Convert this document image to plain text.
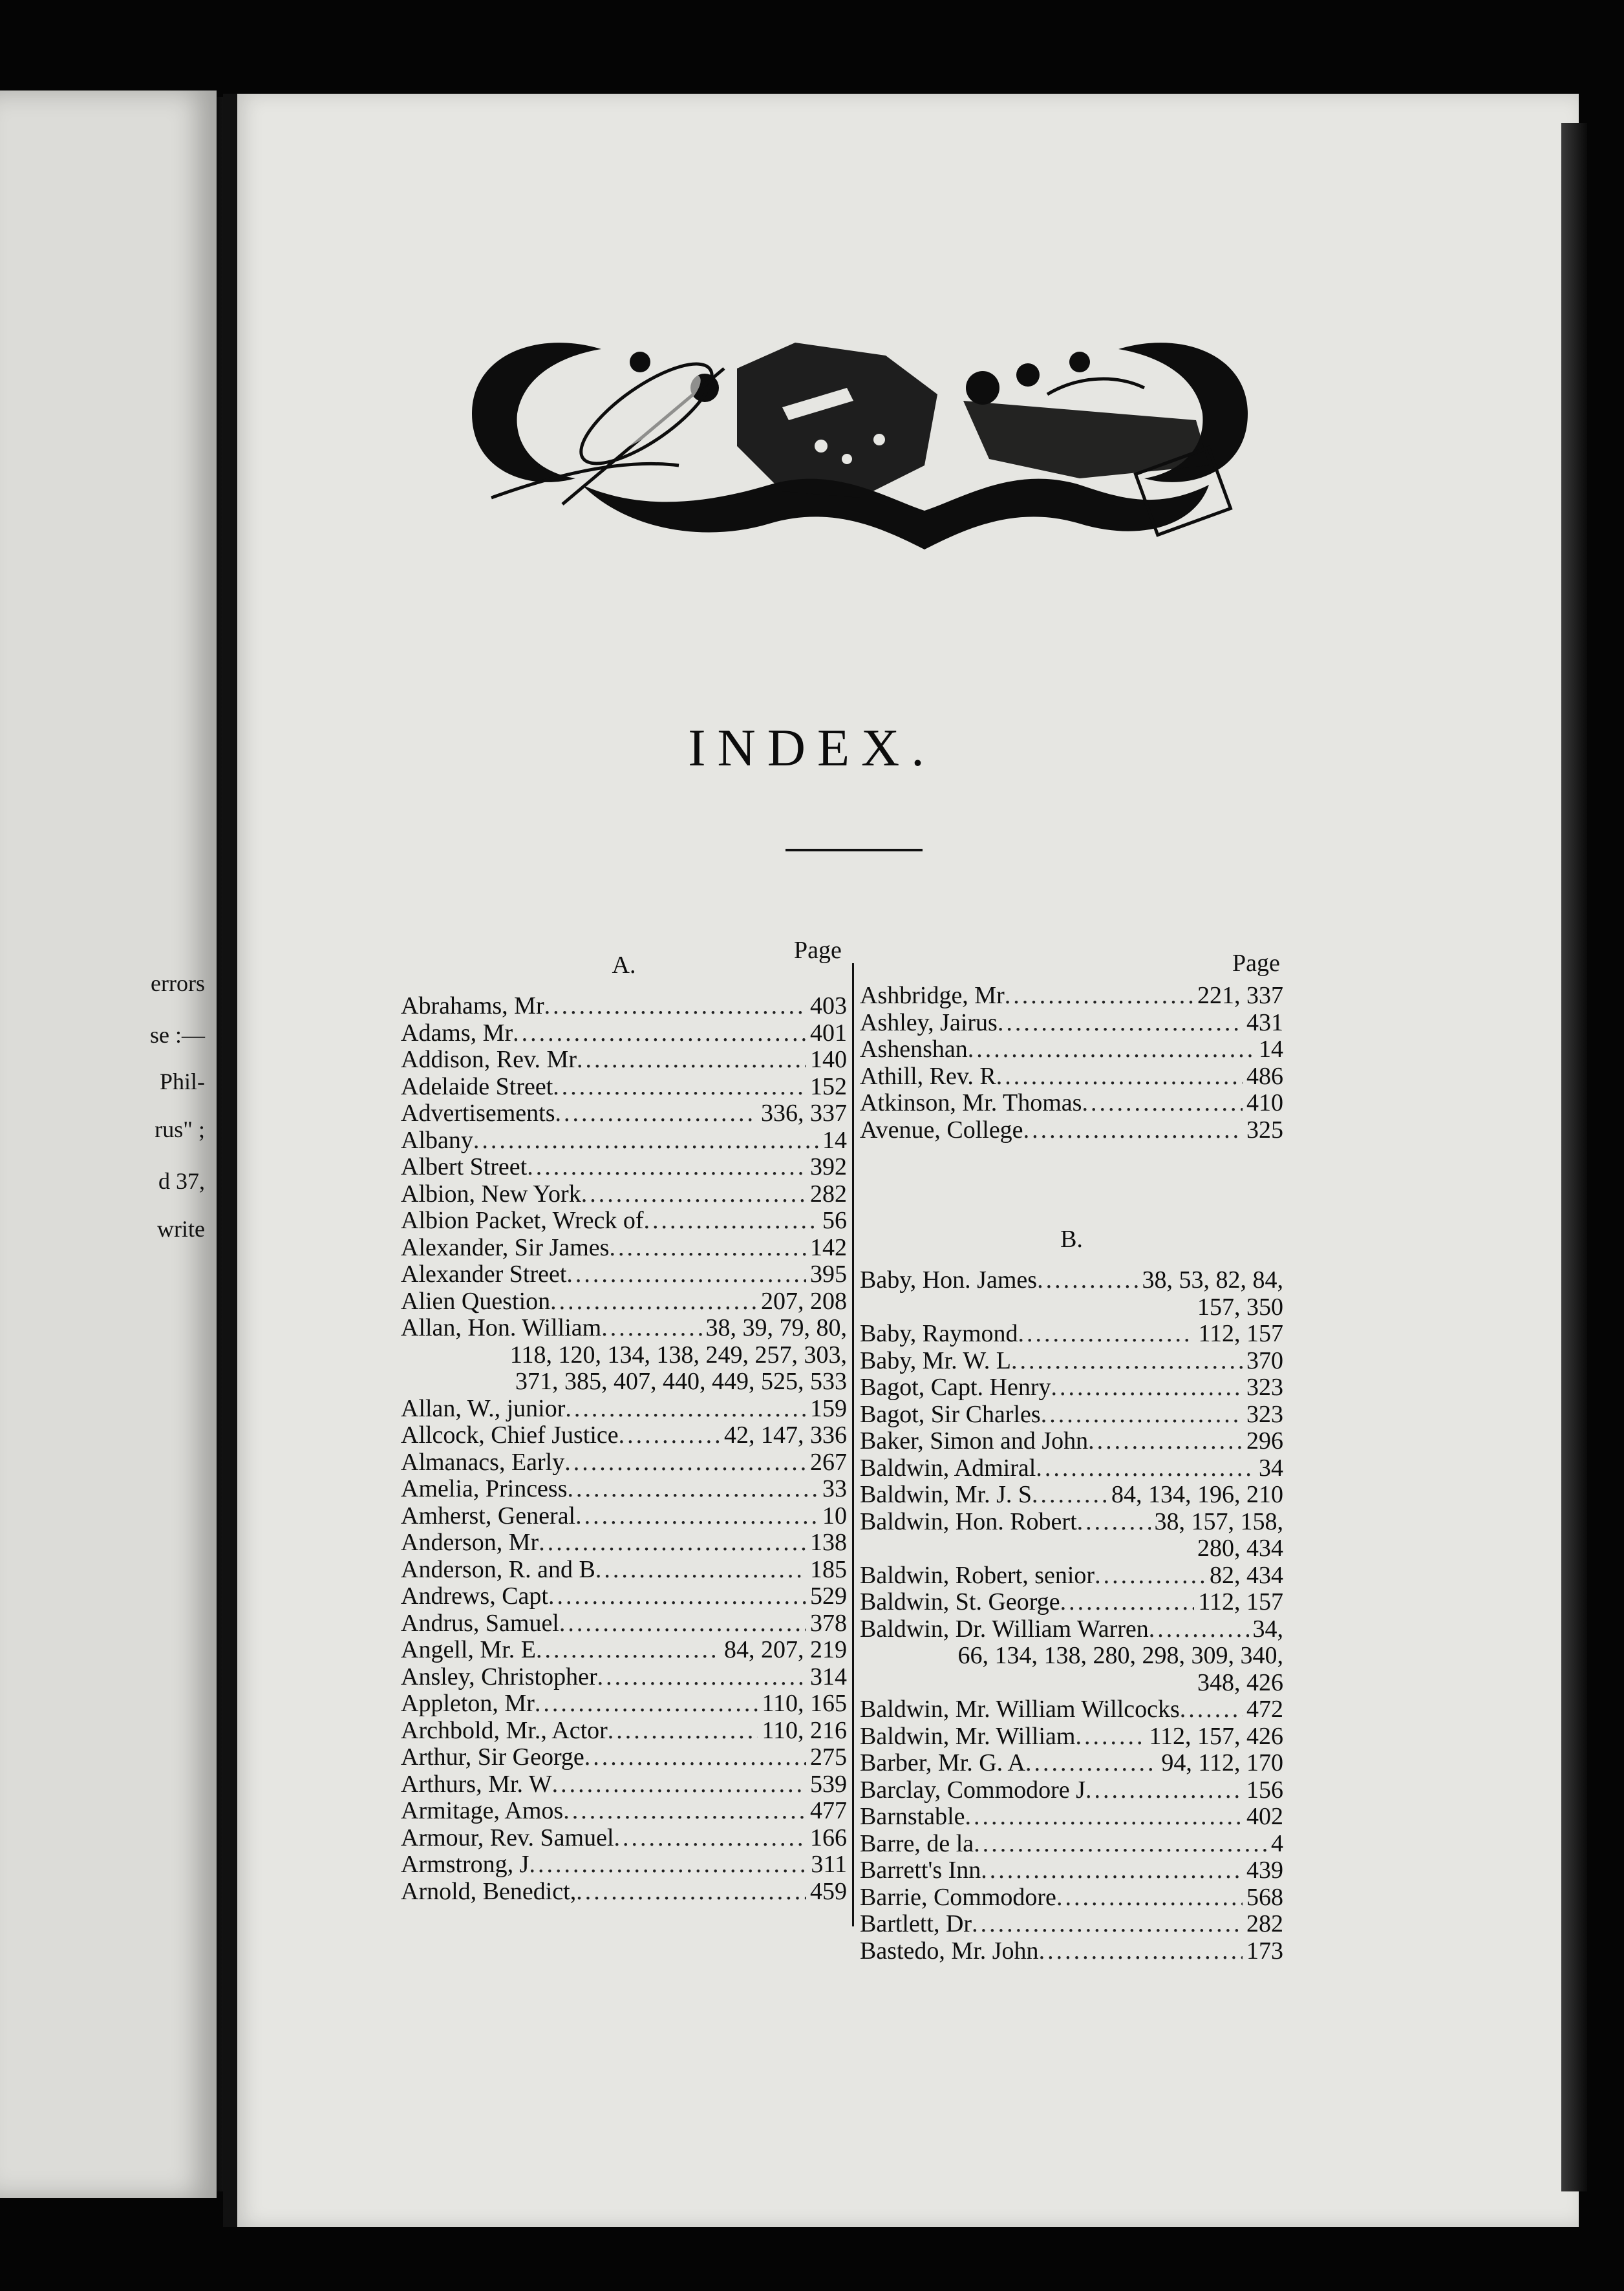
errors
se :—
Phil-
rus" ;
d 37,
write
INDEX.
Page	Page
A.
Abrahams, Mr .....	403
Adams, Mr .....	401
Addison, Rev. Mr .....	140
Adelaide Street .....	152
Advertisements .....	336, 337
Albany .....	14
Albert Street .....	392
Albion, New York .....	282
Albion Packet, Wreck of .....	56
Alexander, Sir James .....	142
Alexander Street .....	395
Alien Question .....	207, 208
Allan, Hon. William .....	38, 39, 79, 80,
118, 120, 134, 138, 249, 257, 303,
371, 385, 407, 440, 449, 525, 533
Allan, W., junior .....	159
Allcock, Chief Justice .....	42, 147, 336
Almanacs, Early .....	267
Amelia, Princess .....	33
Amherst, General .....	10
Anderson, Mr .....	138
Anderson, R. and B .....	185
Andrews, Capt .....	529
Andrus, Samuel .....	378
Angell, Mr. E .....	84, 207, 219
Ansley, Christopher .....	314
Appleton, Mr .....	110, 165
Archbold, Mr., Actor .....	110, 216
Arthur, Sir George .....	275
Arthurs, Mr. W .....	539
Armitage, Amos .....	477
Armour, Rev. Samuel .....	166
Armstrong, J .....	311
Arnold, Benedict, .....	459
Ashbridge, Mr .....	221, 337
Ashley, Jairus .....	431
Ashenshan .....	14
Athill, Rev. R .....	486
Atkinson, Mr. Thomas .....	410
Avenue, College .....	325
B.
Baby, Hon. James .....	38, 53, 82, 84,
157, 350
Baby, Raymond .....	112, 157
Baby, Mr. W. L .....	370
Bagot, Capt. Henry .....	323
Bagot, Sir Charles .....	323
Baker, Simon and John .....	296
Baldwin, Admiral .....	34
Baldwin, Mr. J. S .....	84, 134, 196, 210
Baldwin, Hon. Robert .....	38, 157, 158,
280, 434
Baldwin, Robert, senior .....	82, 434
Baldwin, St. George .....	112, 157
Baldwin, Dr. William Warren .....	34,
66, 134, 138, 280, 298, 309, 340,
348, 426
Baldwin, Mr. William Willcocks .....	472
Baldwin, Mr. William .....	112, 157, 426
Barber, Mr. G. A .....	94, 112, 170
Barclay, Commodore J .....	156
Barnstable .....	402
Barre, de la .....	4
Barrett's Inn .....	439
Barrie, Commodore .....	568
Bartlett, Dr .....	282
Bastedo, Mr. John .....	173
